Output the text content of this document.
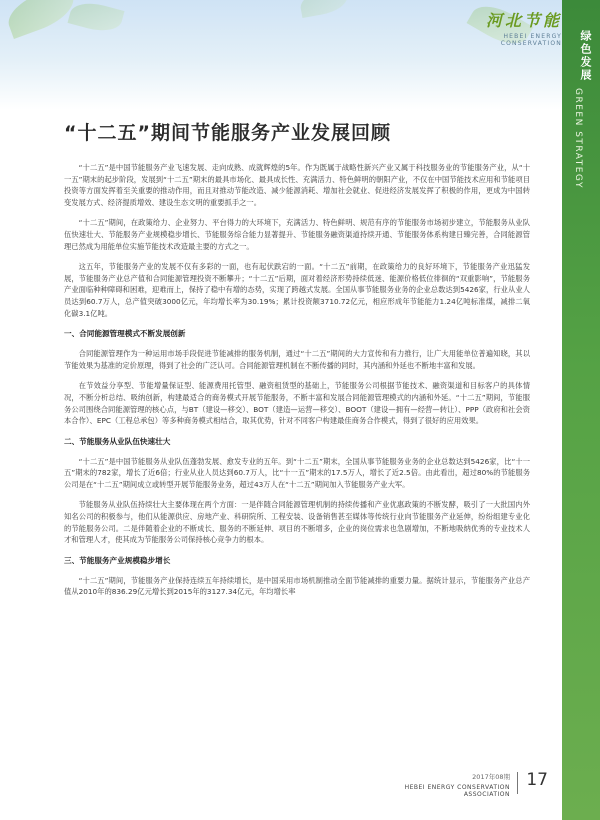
河北节能
HEBEI ENERGY CONSERVATION	绿色发展
GREEN STRATEGY
“十二五”期间节能服务产业发展回顾

“十二五”是中国节能服务产业飞速发展、走向成熟、成就辉煌的5年。作为既属于战略性新兴产业又属于科技服务业的节能服务产业，从“十一五”期末的起步阶段，发展到“十二五”期末的最具市场化、最具成长性、充满活力、特色鲜明的朝阳产业，不仅在中国节能技术应用和节能项目投资等方面发挥着至关重要的推动作用，而且对推动节能改造、减少能源消耗、增加社会就业、促进经济发展发挥了积极的作用，更成为中国转变发展方式、经济提质增效、建设生态文明的重要抓手之一。

“十二五”期间，在政策给力、企业努力、平台得力的大环境下，充满活力、特色鲜明、规范有序的节能服务市场初步建立，节能服务从业队伍快速壮大、节能服务产业规模稳步增长、节能服务综合能力显著提升、节能服务融资渠道持续开通、节能服务体系构建日臻完善，合同能源管理已然成为用能单位实施节能技术改造最主要的方式之一。

这五年，节能服务产业的发展不仅有多彩的一面，也有起伏跌宕的一面。“十二五”前期，在政策给力的良好环境下，节能服务产业迅猛发展，节能服务产业总产值和合同能源管理投资不断攀升；“十二五”后期，面对着经济形势持续低迷、能源价格低位徘徊的“双重影响”，节能服务产业面临种种障碍和困难，迎难而上，保持了稳中有增的态势，实现了跨越式发展。全国从事节能服务业务的企业总数达到5426家，行业从业人员达到60.7万人，总产值突破3000亿元，年均增长率为30.19%；累计投资额3710.72亿元，相应形成年节能能力1.24亿吨标准煤，减排二氧化碳3.1亿吨。

一、合同能源管理模式不断发展创新

合同能源管理作为一种运用市场手段促进节能减排的服务机制，通过“十二五”期间的大力宣传和有力推行，让广大用能单位普遍知晓，其以节能效果为基准的定价原理，得到了社会的广泛认可。合同能源管理机制在不断传播的同时，其内涵和外延也不断地丰富和发展。

在节效益分享型、节能增量保证型、能源费用托管型、融资租赁型的基础上，节能服务公司根据节能技术、融资渠道和目标客户的具体情况，不断分析总结、吸纳创新，构建最适合的商务模式开展节能服务，不断丰富和发展合同能源管理模式的内涵和外延。“十二五”期间，节能服务公司围绕合同能源管理的核心点，与BT（建设—移交）、BOT（建造—运营—移交）、BOOT（建设—拥有—经营—转让）、PPP（政府和社会资本合作）、EPC（工程总承包）等多种商务模式相结合，取其优势，针对不同客户构建最佳商务合作模式，得到了很好的应用效果。

二、节能服务从业队伍快速壮大

“十二五”是中国节能服务从业队伍蓬勃发展、愈发专业的五年。到“十二五”期末，全国从事节能服务业务的企业总数达到5426家，比“十一五”期末的782家，增长了近6倍；行业从业人员达到60.7万人，比“十一五”期末的17.5万人，增长了近2.5倍。由此看出，超过80%的节能服务公司是在“十二五”期间成立或转型开展节能服务业务，超过43万人在“十二五”期间加入节能服务产业大军。

节能服务从业队伍持续壮大主要体现在两个方面：一是伴随合同能源管理机制的持续传播和产业优惠政策的不断发酵，吸引了一大批国内外知名公司的积极参与，他们从能源供应、房地产业、科研院所、工程安装、设备销售甚至媒体等传统行业向节能服务产业延伸，纷纷组建专业化的节能服务公司。二是伴随着企业的不断成长、服务的不断延伸、项目的不断增多，企业的岗位需求也急剧增加，不断地吸纳优秀的专业技术人才和管理人才，使其成为节能服务公司保持核心竞争力的根本。

三、节能服务产业规模稳步增长

“十二五”期间，节能服务产业保持连续五年持续增长，是中国采用市场机制推动全面节能减排的重要力量。据统计显示，节能服务产业总产值从2010年的836.29亿元增长到2015年的3127.34亿元，年均增长率

2017年08期
HEBEI ENERGY CONSERVATION ASSOCIATION
17
